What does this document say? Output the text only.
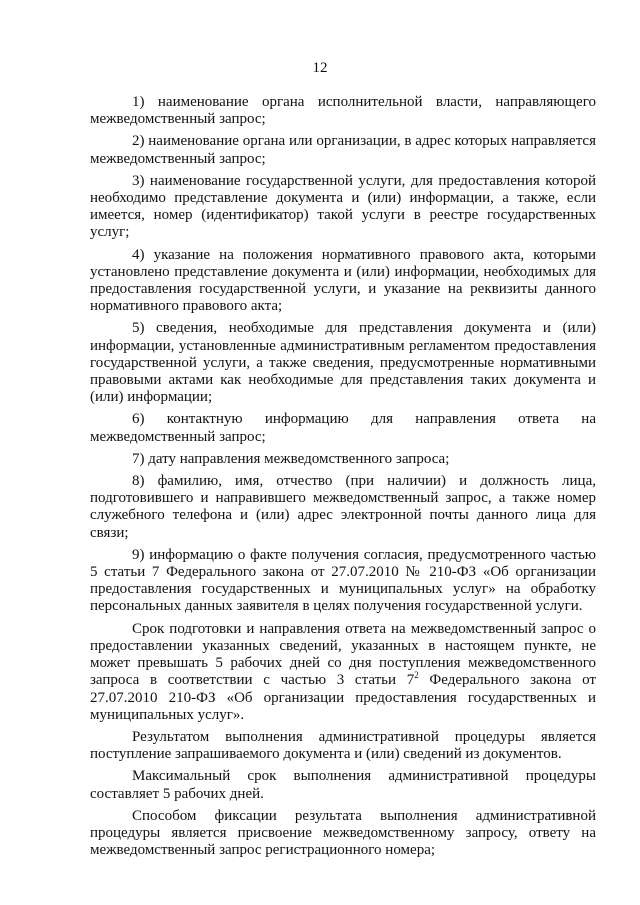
12

1) наименование органа исполнительной власти, направляющего межведомственный запрос;

2) наименование органа или организации, в адрес которых направляется межведомственный запрос;

3) наименование государственной услуги, для предоставления которой необходимо представление документа и (или) информации, а также, если имеется, номер (идентификатор) такой услуги в реестре государственных услуг;

4) указание на положения нормативного правового акта, которыми установлено представление документа и (или) информации, необходимых для предоставления государственной услуги, и указание на реквизиты данного нормативного правового акта;

5) сведения, необходимые для представления документа и (или) информации, установленные административным регламентом предоставления государственной услуги, а также сведения, предусмотренные нормативными правовыми актами как необходимые для представления таких документа и (или) информации;

6) контактную информацию для направления ответа на межведомственный запрос;

7) дату направления межведомственного запроса;

8) фамилию, имя, отчество (при наличии) и должность лица, подготовившего и направившего межведомственный запрос, а также номер служебного телефона и (или) адрес электронной почты данного лица для связи;

9) информацию о факте получения согласия, предусмотренного частью 5 статьи 7 Федерального закона от 27.07.2010 № 210-ФЗ «Об организации предоставления государственных и муниципальных услуг» на обработку персональных данных заявителя в целях получения государственной услуги.

Срок подготовки и направления ответа на межведомственный запрос о предоставлении указанных сведений, указанных в настоящем пункте, не может превышать 5 рабочих дней со дня поступления межведомственного запроса в соответствии с частью 3 статьи $7^2$ Федерального закона от 27.07.2010 210-ФЗ «Об организации предоставления государственных и муниципальных услуг».

Результатом выполнения административной процедуры является поступление запрашиваемого документа и (или) сведений из документов.

Максимальный срок выполнения административной процедуры составляет 5 рабочих дней.

Способом фиксации результата выполнения административной процедуры является присвоение межведомственному запросу, ответу на межведомственный запрос регистрационного номера;
